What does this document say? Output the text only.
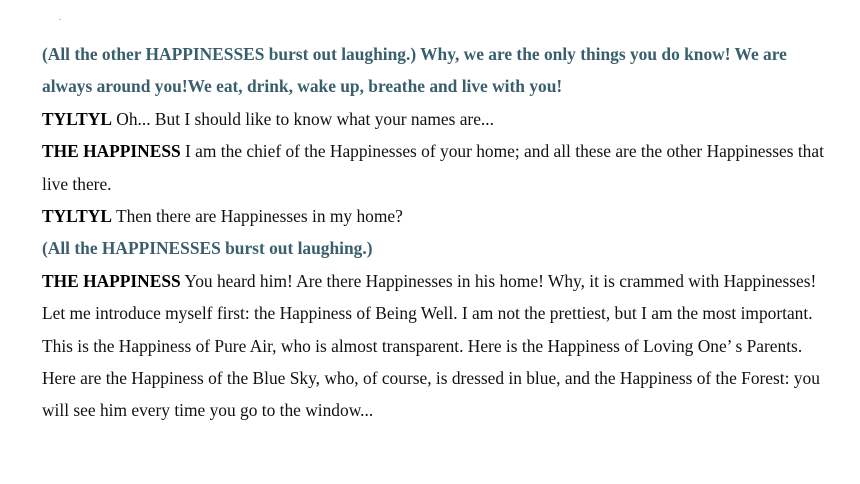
.

(All the other HAPPINESSES burst out laughing.) Why, we are the only things you do know! We are always around you!We eat, drink, wake up, breathe and live with you!

TYLTYL Oh... But I should like to know what your names are...

THE HAPPINESS I am the chief of the Happinesses of your home; and all these are the other Happinesses that live there.

TYLTYL Then there are Happinesses in my home?

(All the HAPPINESSES burst out laughing.)

THE HAPPINESS You heard him! Are there Happinesses in his home! Why, it is crammed with Happinesses! Let me introduce myself first: the Happiness of Being Well. I am not the prettiest, but I am the most important. This is the Happiness of Pure Air, who is almost transparent. Here is the Happiness of Loving One’ s Parents. Here are the Happiness of the Blue Sky, who, of course, is dressed in blue, and the Happiness of the Forest: you will see him every time you go to the window...
